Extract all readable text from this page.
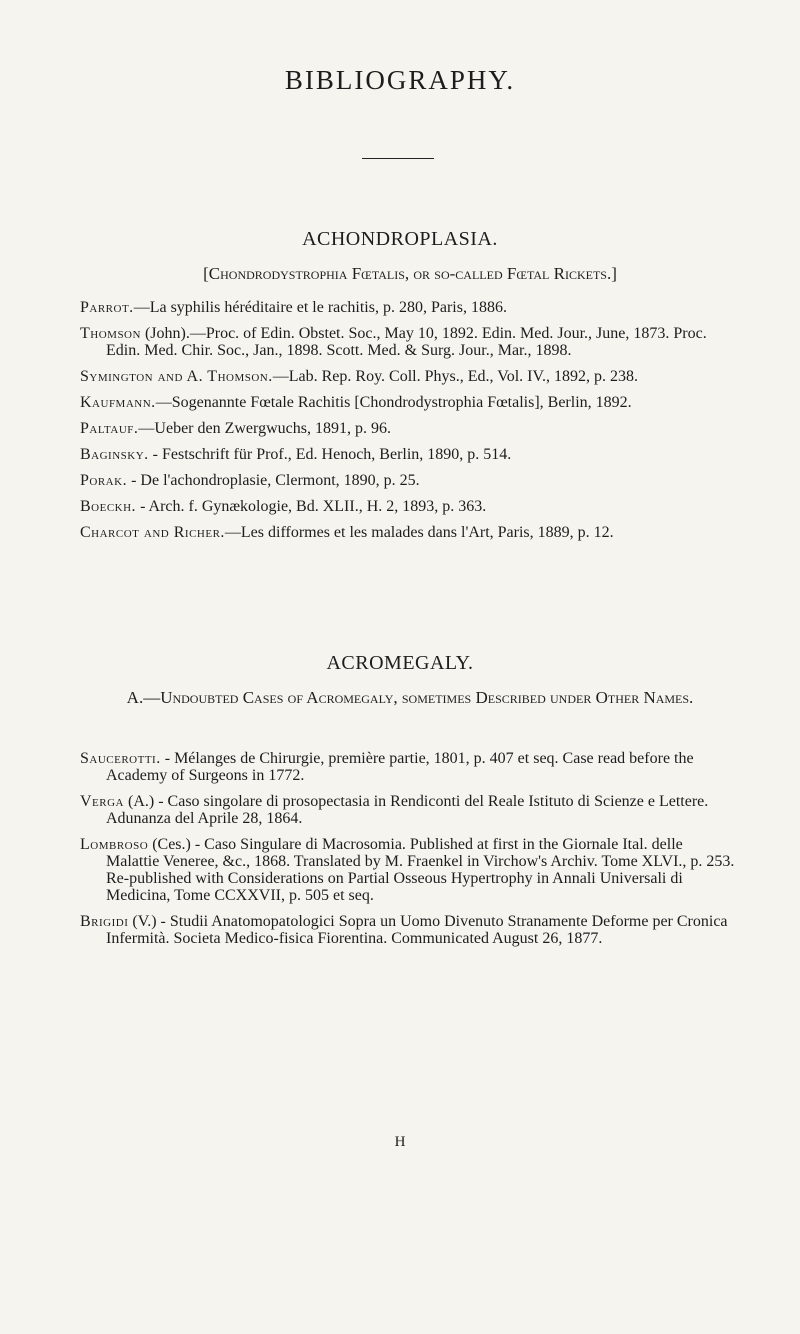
BIBLIOGRAPHY.
ACHONDROPLASIA.
[Chondrodystrophia Fœtalis, or so-called Fœtal Rickets.]

Parrot.—La syphilis héréditaire et le rachitis, p. 280, Paris, 1886.

Thomson (John).—Proc. of Edin. Obstet. Soc., May 10, 1892. Edin. Med. Jour., June, 1873. Proc. Edin. Med. Chir. Soc., Jan., 1898. Scott. Med. & Surg. Jour., Mar., 1898.

Symington and A. Thomson.—Lab. Rep. Roy. Coll. Phys., Ed., Vol. IV., 1892, p. 238.

Kaufmann.—Sogenannte Fœtale Rachitis [Chondrodystrophia Fœtalis], Berlin, 1892.

Paltauf.—Ueber den Zwergwuchs, 1891, p. 96.

Baginsky. - Festschrift für Prof., Ed. Henoch, Berlin, 1890, p. 514.

Porak. - De l'achondroplasie, Clermont, 1890, p. 25.

Boeckh. - Arch. f. Gynækologie, Bd. XLII., H. 2, 1893, p. 363.

Charcot and Richer.—Les difformes et les malades dans l'Art, Paris, 1889, p. 12.

ACROMEGALY.
A.—Undoubted Cases of Acromegaly, sometimes Described under Other Names.

Saucerotti. - Mélanges de Chirurgie, première partie, 1801, p. 407 et seq. Case read before the Academy of Surgeons in 1772.

Verga (A.) - Caso singolare di prosopectasia in Rendiconti del Reale Istituto di Scienze e Lettere. Adunanza del Aprile 28, 1864.

Lombroso (Ces.) - Caso Singulare di Macrosomia. Published at first in the Giornale Ital. delle Malattie Veneree, &c., 1868. Translated by M. Fraenkel in Virchow's Archiv. Tome XLVI., p. 253. Re-published with Considerations on Partial Osseous Hypertrophy in Annali Universali di Medicina, Tome CCXXVII, p. 505 et seq.

Brigidi (V.) - Studii Anatomopatologici Sopra un Uomo Divenuto Stranamente Deforme per Cronica Infermità. Societa Medico-fisica Fiorentina. Communicated August 26, 1877.

H
